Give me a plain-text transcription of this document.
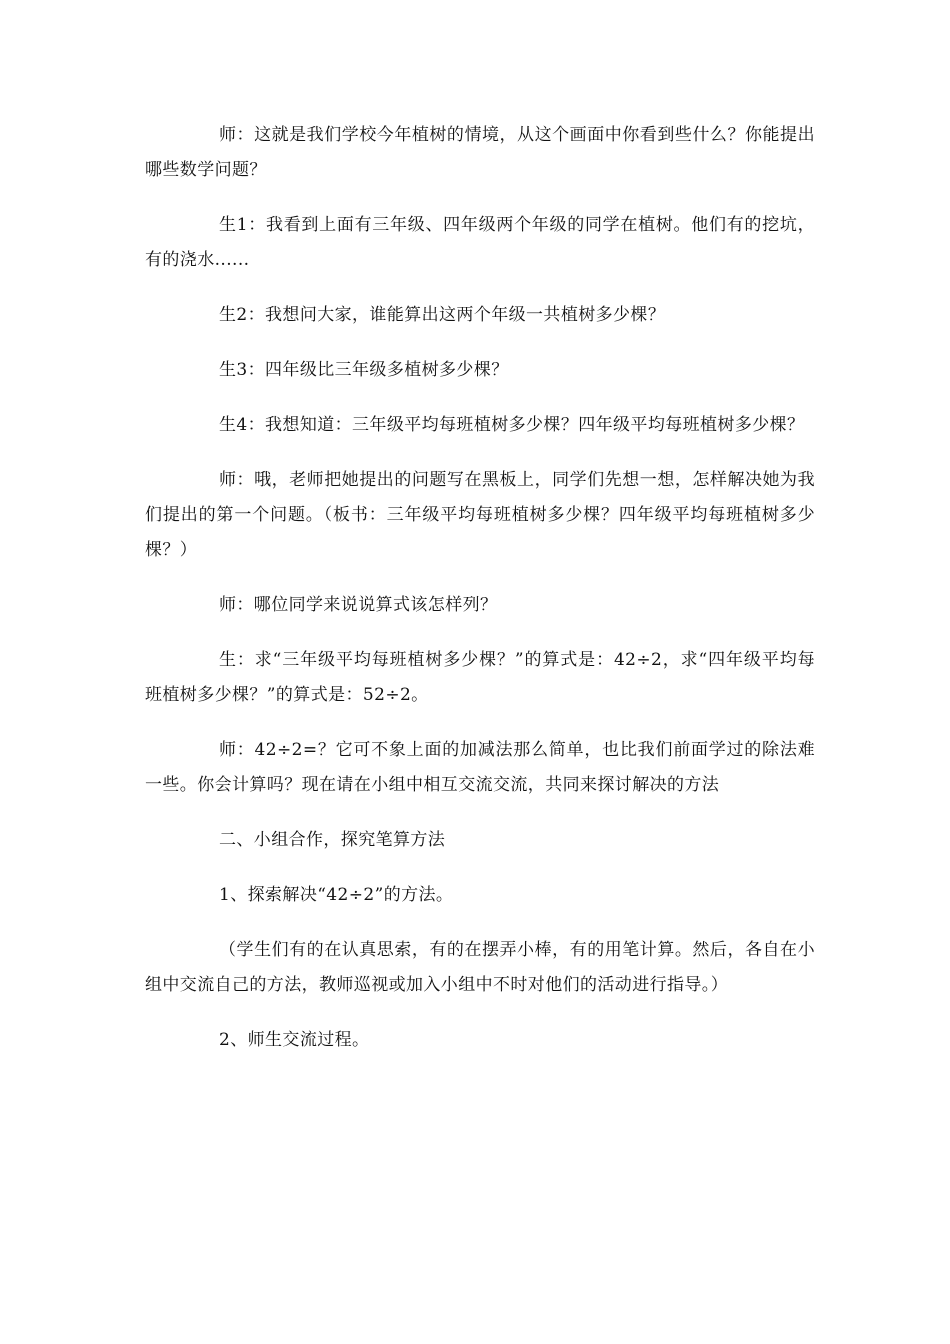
师：这就是我们学校今年植树的情境，从这个画面中你看到些什么？你能提出哪些数学问题？

生1：我看到上面有三年级、四年级两个年级的同学在植树。他们有的挖坑，有的浇水......

生2：我想问大家，谁能算出这两个年级一共植树多少棵？

生3：四年级比三年级多植树多少棵？

生4：我想知道：三年级平均每班植树多少棵？四年级平均每班植树多少棵？

师：哦，老师把她提出的问题写在黑板上，同学们先想一想，怎样解决她为我们提出的第一个问题。（板书：三年级平均每班植树多少棵？四年级平均每班植树多少棵？）

师：哪位同学来说说算式该怎样列？

生：求“三年级平均每班植树多少棵？”的算式是：42÷2，求“四年级平均每班植树多少棵？”的算式是：52÷2。

师：42÷2=？它可不象上面的加减法那么简单，也比我们前面学过的除法难一些。你会计算吗？现在请在小组中相互交流交流，共同来探讨解决的方法

二、小组合作，探究笔算方法

1、探索解决“42÷2”的方法。

（学生们有的在认真思索，有的在摆弄小棒，有的用笔计算。然后，各自在小组中交流自己的方法，教师巡视或加入小组中不时对他们的活动进行指导。）

2、师生交流过程。
